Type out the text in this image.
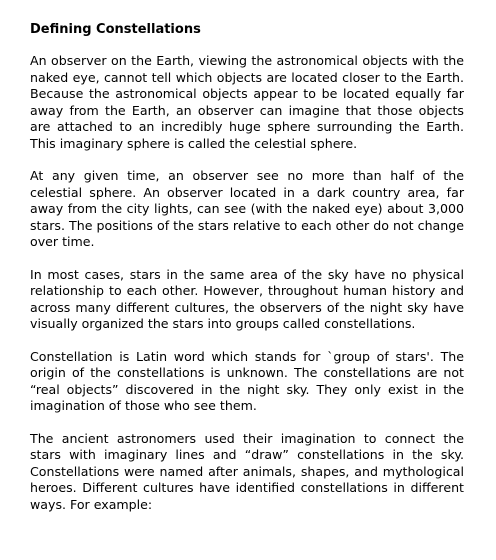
Defining Constellations

An observer on the Earth, viewing the astronomical objects with the naked eye, cannot tell which objects are located closer to the Earth. Because the astronomical objects appear to be located equally far away from the Earth, an observer can imagine that those objects are attached to an incredibly huge sphere surrounding the Earth. This imaginary sphere is called the celestial sphere.

At any given time, an observer see no more than half of the celestial sphere. An observer located in a dark country area, far away from the city lights, can see (with the naked eye) about 3,000 stars. The positions of the stars relative to each other do not change over time.

In most cases, stars in the same area of the sky have no physical relationship to each other. However, throughout human history and across many different cultures, the observers of the night sky have visually organized the stars into groups called constellations.

Constellation is Latin word which stands for `group of stars'. The origin of the constellations is unknown. The constellations are not “real objects” discovered in the night sky. They only exist in the imagination of those who see them.

The ancient astronomers used their imagination to connect the stars with imaginary lines and “draw” constellations in the sky. Constellations were named after animals, shapes, and mythological heroes. Different cultures have identified constellations in different ways. For example:
